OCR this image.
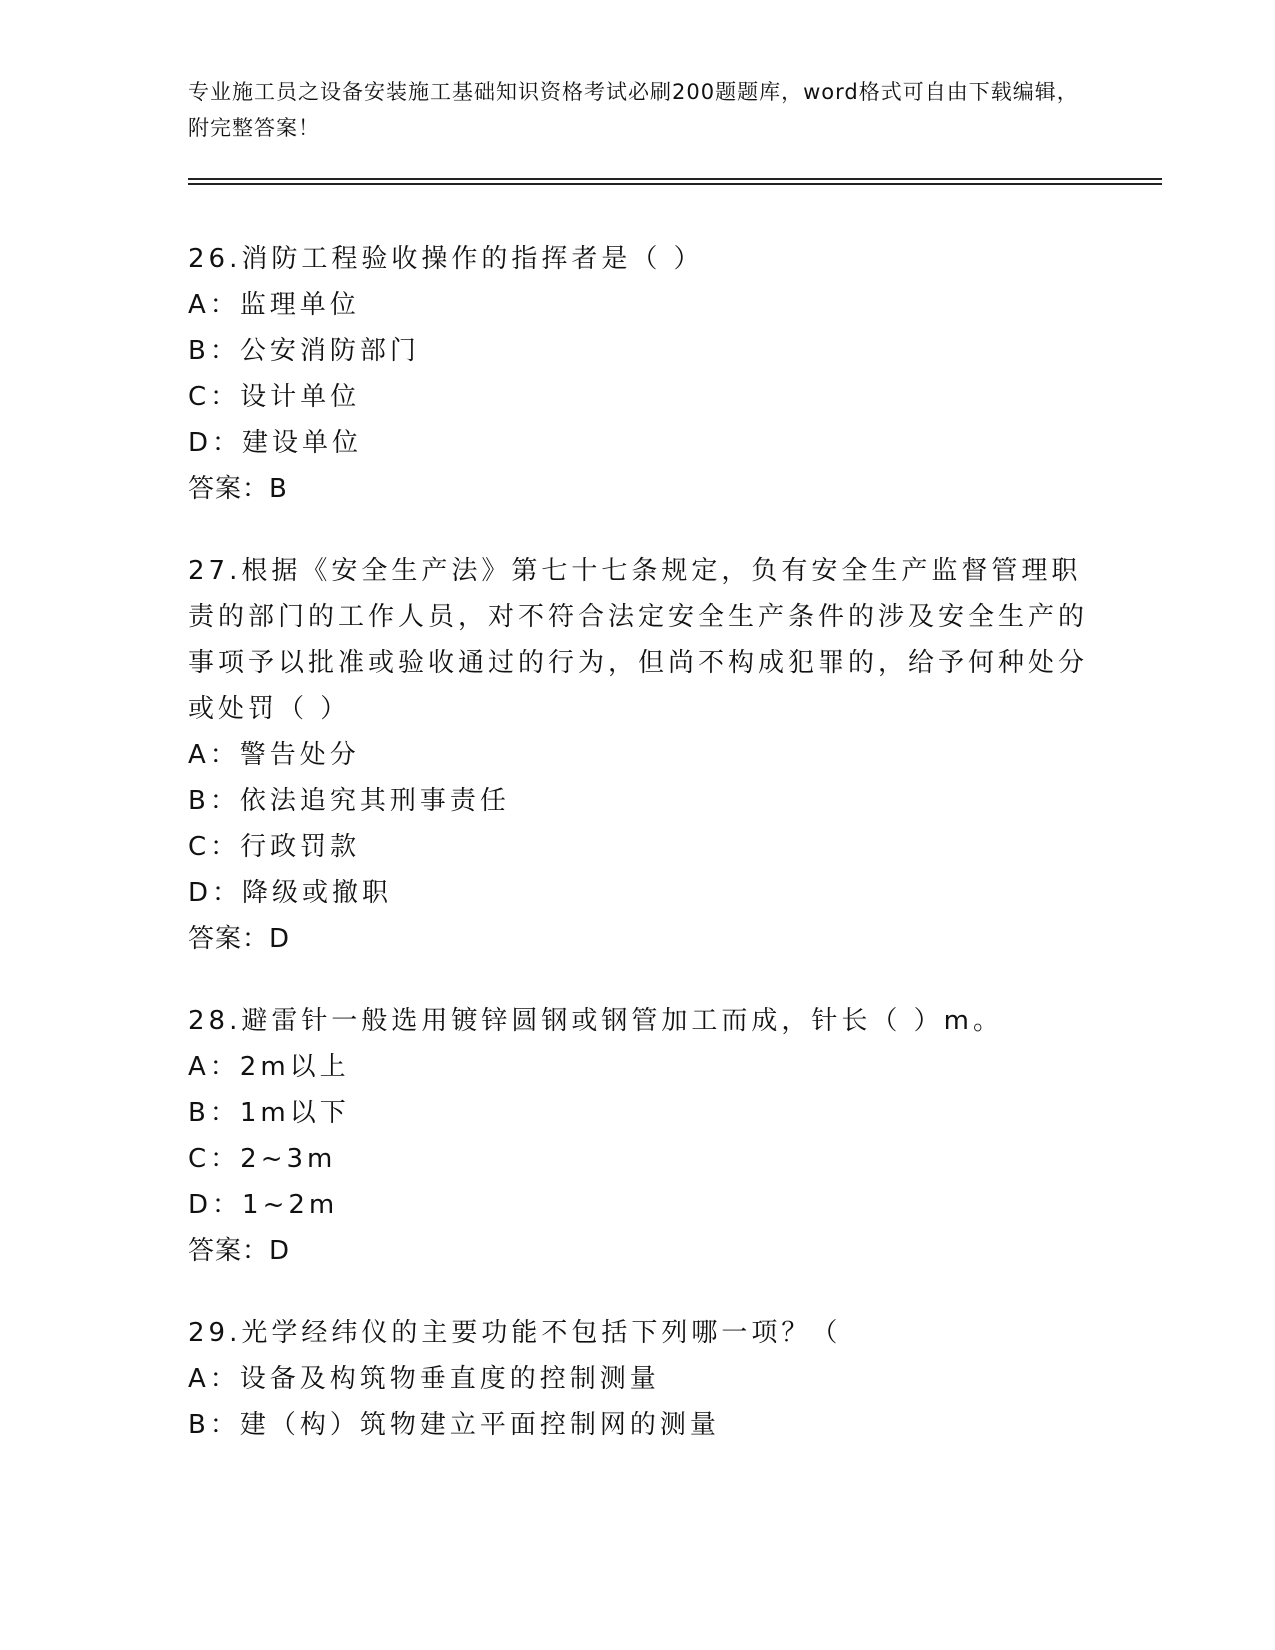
专业施工员之设备安装施工基础知识资格考试必刷200题题库，word格式可自由下载编辑，附完整答案！
26.消防工程验收操作的指挥者是（ ）
A：监理单位
B：公安消防部门
C：设计单位
D：建设单位
答案：B
27.根据《安全生产法》第七十七条规定，负有安全生产监督管理职责的部门的工作人员，对不符合法定安全生产条件的涉及安全生产的事项予以批准或验收通过的行为，但尚不构成犯罪的，给予何种处分或处罚（ ）
A：警告处分
B：依法追究其刑事责任
C：行政罚款
D：降级或撤职
答案：D
28.避雷针一般选用镀锌圆钢或钢管加工而成，针长（ ）m。
A：2m以上
B：1m以下
C：2~3m
D：1~2m
答案：D
29.光学经纬仪的主要功能不包括下列哪一项？（
A：设备及构筑物垂直度的控制测量
B：建（构）筑物建立平面控制网的测量
